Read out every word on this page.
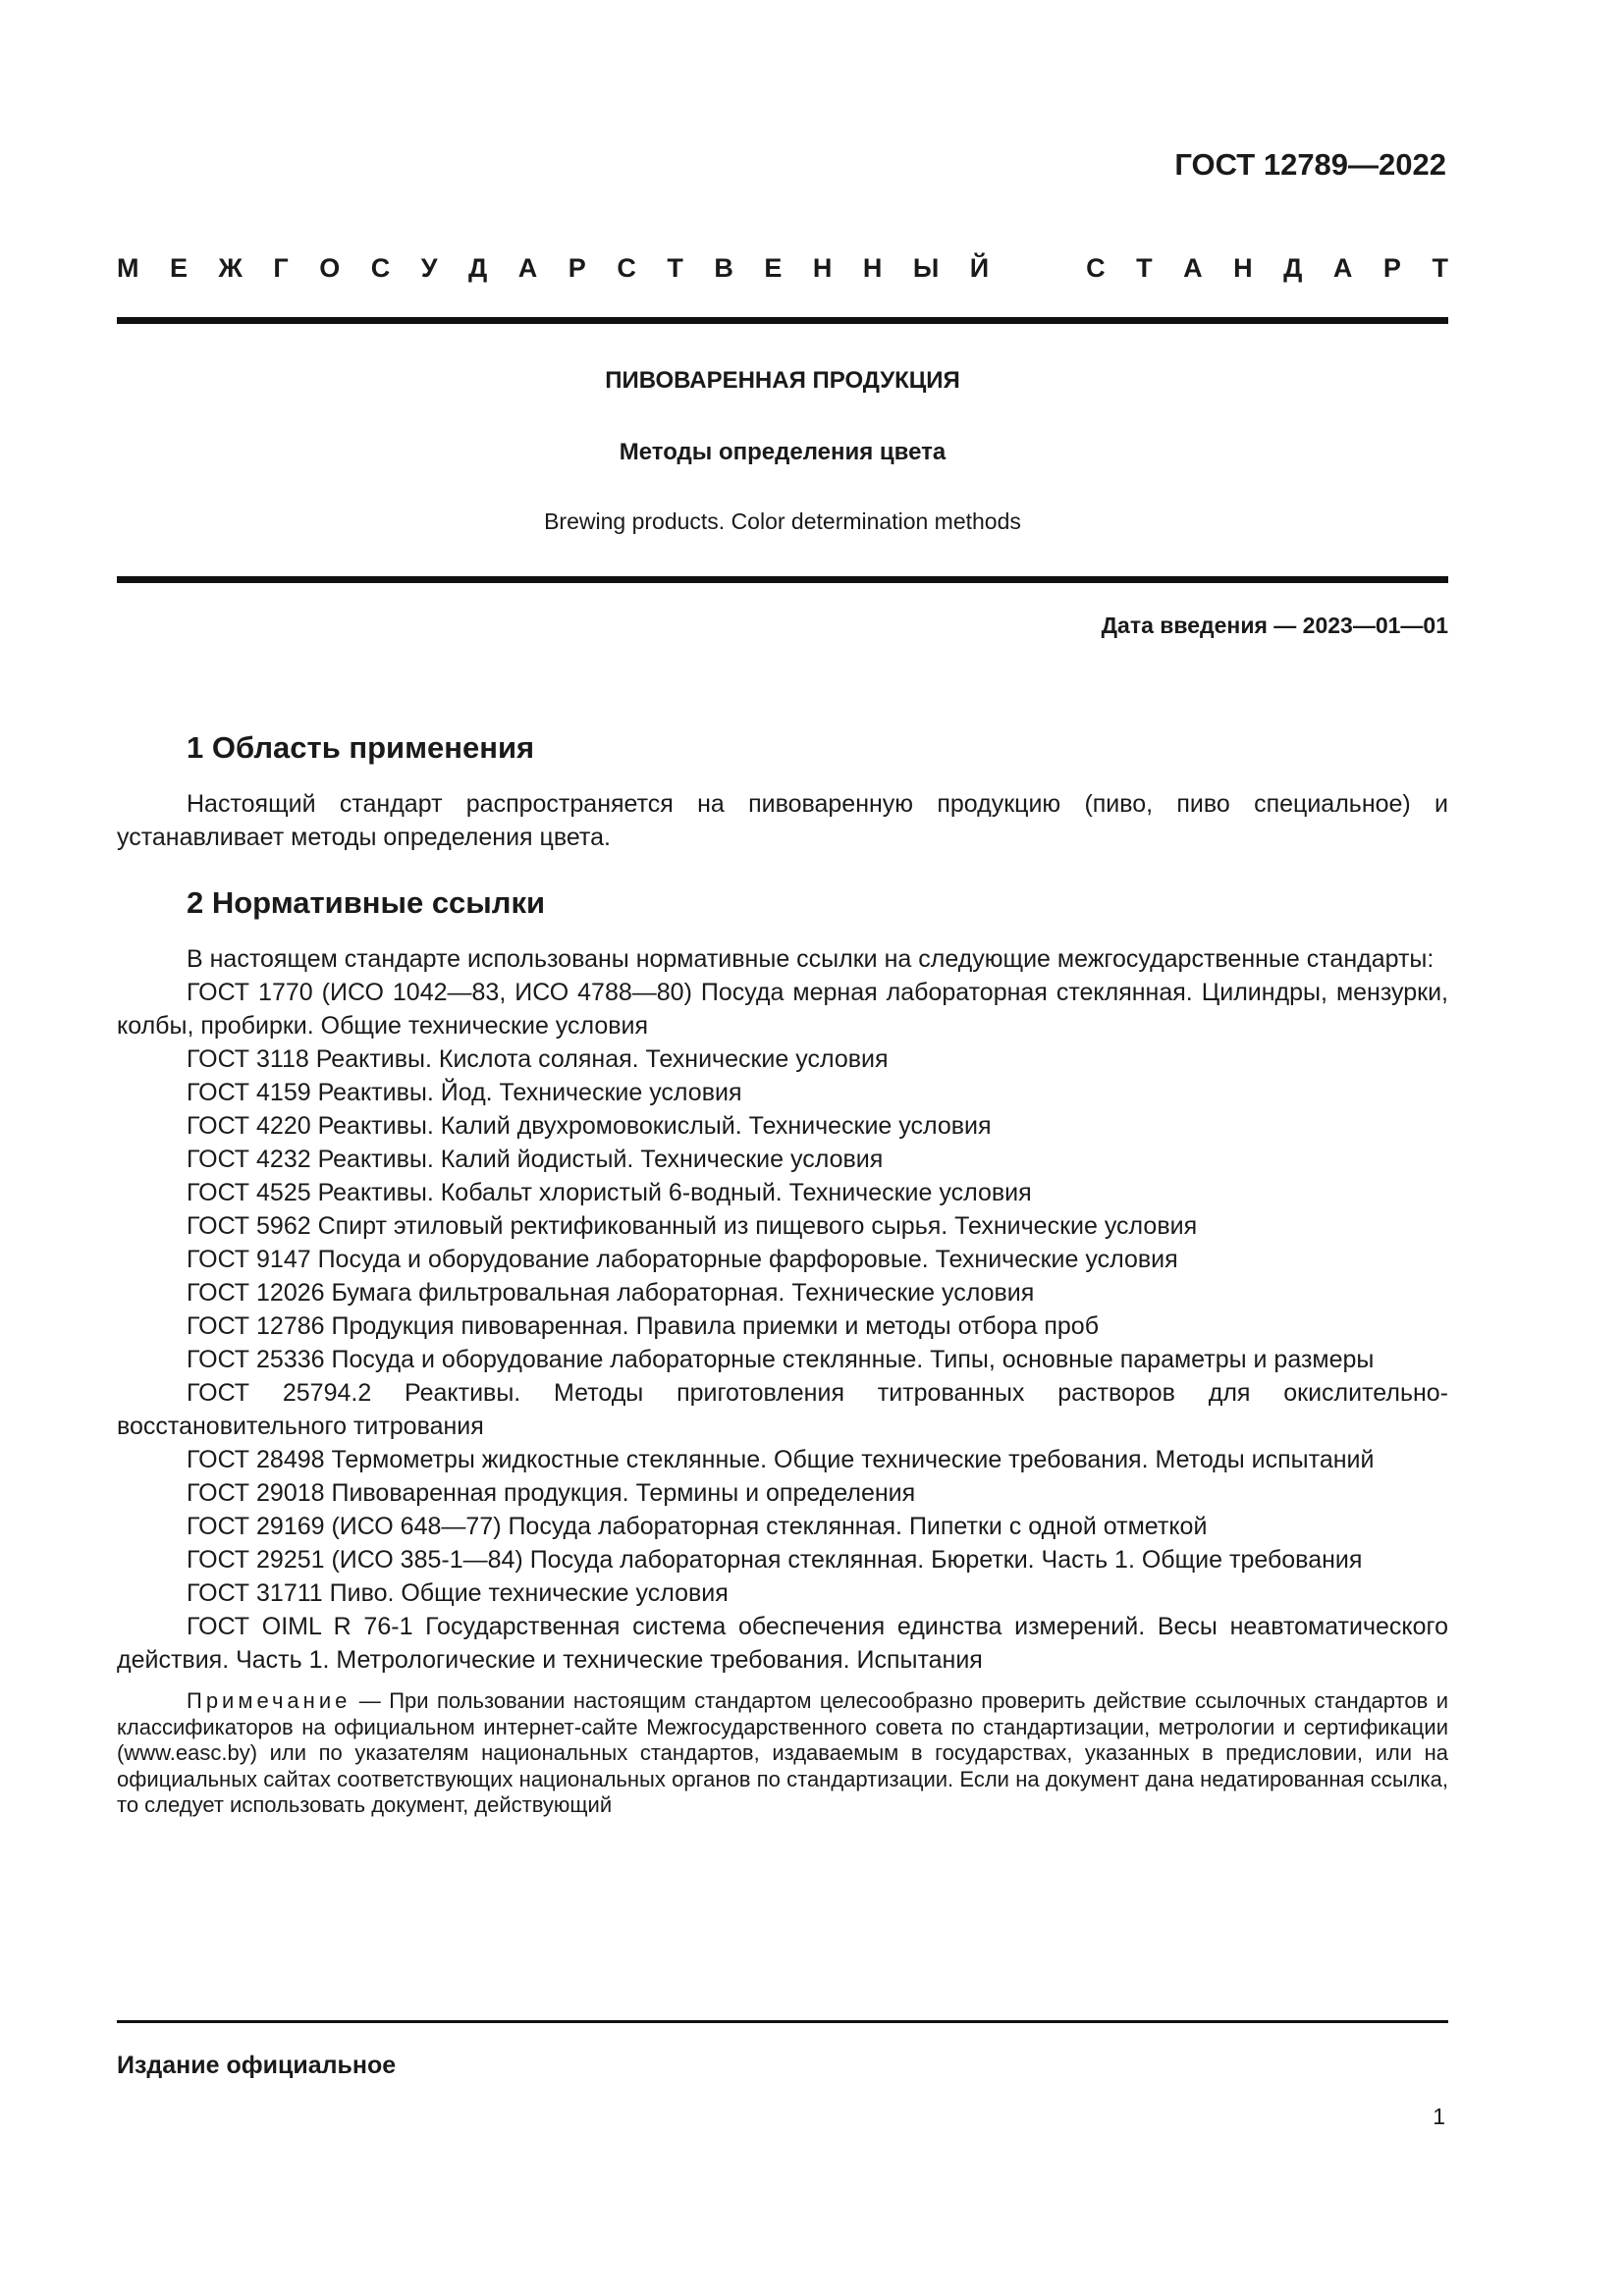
ГОСТ 12789—2022
М Е Ж Г О С У Д А Р С Т В Е Н Н Ы Й	С Т А Н Д А Р Т
ПИВОВАРЕННАЯ ПРОДУКЦИЯ
Методы определения цвета
Brewing products. Color determination methods
Дата введения — 2023—01—01
1 Область применения

Настоящий стандарт распространяется на пивоваренную продукцию (пиво, пиво специальное) и устанавливает методы определения цвета.

2 Нормативные ссылки

В настоящем стандарте использованы нормативные ссылки на следующие межгосударственные стандарты:

ГОСТ 1770 (ИСО 1042—83, ИСО 4788—80) Посуда мерная лабораторная стеклянная. Цилиндры, мензурки, колбы, пробирки. Общие технические условия

ГОСТ 3118 Реактивы. Кислота соляная. Технические условия

ГОСТ 4159 Реактивы. Йод. Технические условия

ГОСТ 4220 Реактивы. Калий двухромовокислый. Технические условия

ГОСТ 4232 Реактивы. Калий йодистый. Технические условия

ГОСТ 4525 Реактивы. Кобальт хлористый 6-водный. Технические условия

ГОСТ 5962 Спирт этиловый ректификованный из пищевого сырья. Технические условия

ГОСТ 9147 Посуда и оборудование лабораторные фарфоровые. Технические условия

ГОСТ 12026 Бумага фильтровальная лабораторная. Технические условия

ГОСТ 12786 Продукция пивоваренная. Правила приемки и методы отбора проб

ГОСТ 25336 Посуда и оборудование лабораторные стеклянные. Типы, основные параметры и размеры

ГОСТ 25794.2 Реактивы. Методы приготовления титрованных растворов для окислительно-восстановительного титрования

ГОСТ 28498 Термометры жидкостные стеклянные. Общие технические требования. Методы испытаний

ГОСТ 29018 Пивоваренная продукция. Термины и определения

ГОСТ 29169 (ИСО 648—77) Посуда лабораторная стеклянная. Пипетки с одной отметкой

ГОСТ 29251 (ИСО 385-1—84) Посуда лабораторная стеклянная. Бюретки. Часть 1. Общие требования

ГОСТ 31711 Пиво. Общие технические условия

ГОСТ OIML R 76-1 Государственная система обеспечения единства измерений. Весы неавтоматического действия. Часть 1. Метрологические и технические требования. Испытания

Примечание — При пользовании настоящим стандартом целесообразно проверить действие ссылочных стандартов и классификаторов на официальном интернет-сайте Межгосударственного совета по стандартизации, метрологии и сертификации (www.easc.by) или по указателям национальных стандартов, издаваемым в государствах, указанных в предисловии, или на официальных сайтах соответствующих национальных органов по стандартизации. Если на документ дана недатированная ссылка, то следует использовать документ, действующий
Издание официальное
1
